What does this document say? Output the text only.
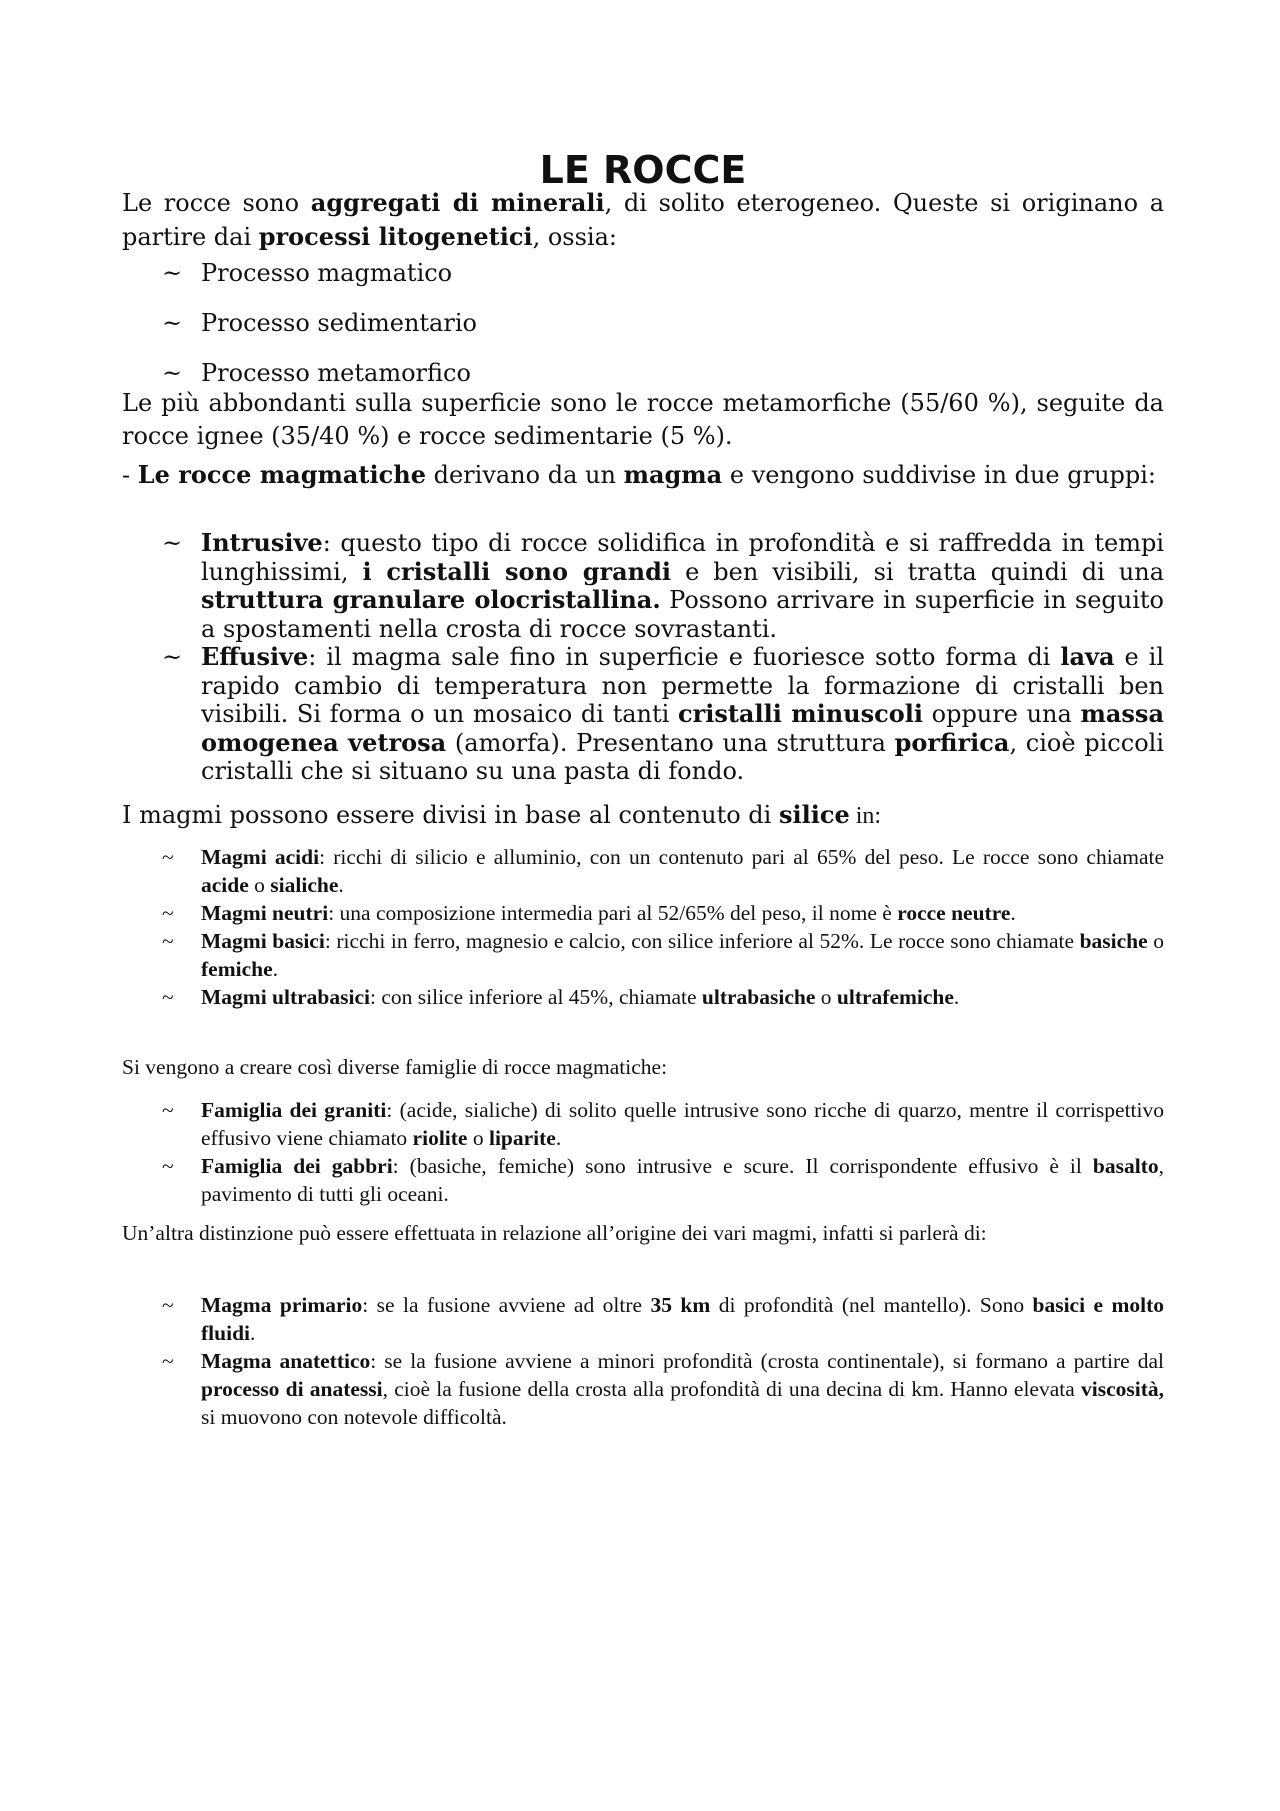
LE ROCCE

Le rocce sono aggregati di minerali, di solito eterogeneo. Queste si originano a partire dai processi litogenetici, ossia:

~ Processo magmatico
~ Processo sedimentario
~ Processo metamorfico

Le più abbondanti sulla superficie sono le rocce metamorfiche (55/60 %), seguite da rocce ignee (35/40 %) e rocce sedimentarie (5 %).

- Le rocce magmatiche derivano da un magma e vengono suddivise in due gruppi:

~ Intrusive: questo tipo di rocce solidifica in profondità e si raffredda in tempi lunghissimi, i cristalli sono grandi e ben visibili, si tratta quindi di una struttura granulare olocristallina. Possono arrivare in superficie in seguito a spostamenti nella crosta di rocce sovrastanti.
~ Effusive: il magma sale fino in superficie e fuoriesce sotto forma di lava e il rapido cambio di temperatura non permette la formazione di cristalli ben visibili. Si forma o un mosaico di tanti cristalli minuscoli oppure una massa omogenea vetrosa (amorfa). Presentano una struttura porfirica, cioè piccoli cristalli che si situano su una pasta di fondo.

I magmi possono essere divisi in base al contenuto di silice in:

~ Magmi acidi: ricchi di silicio e alluminio, con un contenuto pari al 65% del peso. Le rocce sono chiamate acide o sialiche.
~ Magmi neutri: una composizione intermedia pari al 52/65% del peso, il nome è rocce neutre.
~ Magmi basici: ricchi in ferro, magnesio e calcio, con silice inferiore al 52%. Le rocce sono chiamate basiche o femiche.
~ Magmi ultrabasici: con silice inferiore al 45%, chiamate ultrabasiche o ultrafemiche.

Si vengono a creare così diverse famiglie di rocce magmatiche:

~ Famiglia dei graniti: (acide, sialiche) di solito quelle intrusive sono ricche di quarzo, mentre il corrispettivo effusivo viene chiamato riolite o liparite.
~ Famiglia dei gabbri: (basiche, femiche) sono intrusive e scure. Il corrispondente effusivo è il basalto, pavimento di tutti gli oceani.

Un’altra distinzione può essere effettuata in relazione all’origine dei vari magmi, infatti si parlerà di:

~ Magma primario: se la fusione avviene ad oltre 35 km di profondità (nel mantello). Sono basici e molto fluidi.
~ Magma anatettico: se la fusione avviene a minori profondità (crosta continentale), si formano a partire dal processo di anatessi, cioè la fusione della crosta alla profondità di una decina di km. Hanno elevata viscosità, si muovono con notevole difficoltà.
